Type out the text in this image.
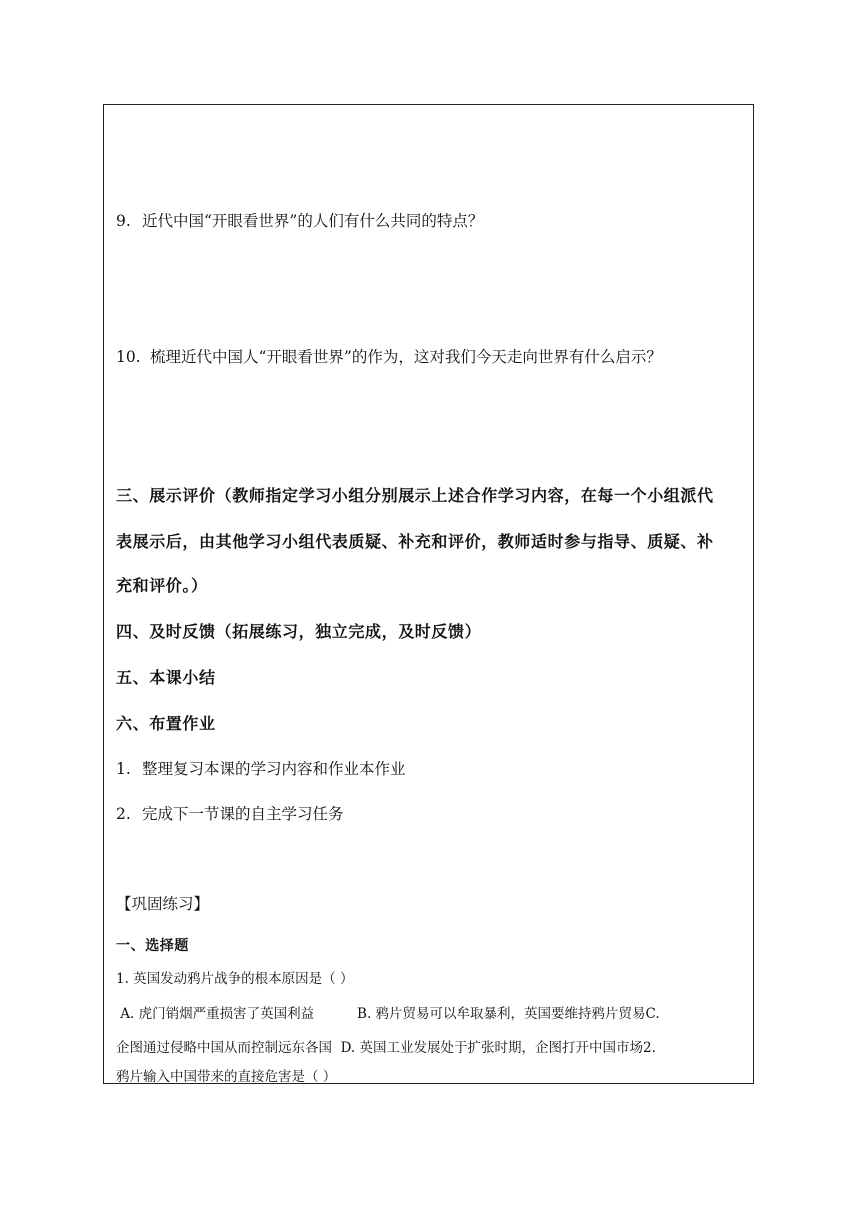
9. 近代中国“开眼看世界”的人们有什么共同的特点？
10. 梳理近代中国人“开眼看世界”的作为，这对我们今天走向世界有什么启示？
三、展示评价（教师指定学习小组分别展示上述合作学习内容，在每一个小组派代
表展示后，由其他学习小组代表质疑、补充和评价，教师适时参与指导、质疑、补
充和评价。）
四、及时反馈（拓展练习，独立完成，及时反馈）
五、本课小结
六、布置作业
1. 整理复习本课的学习内容和作业本作业
2. 完成下一节课的自主学习任务
【巩固练习】
一、选择题
1. 英国发动鸦片战争的根本原因是（ ）
A. 虎门销烟严重损害了英国利益          B. 鸦片贸易可以牟取暴利，英国要维持鸦片贸易C.
企图通过侵略中国从而控制远东各国  D. 英国工业发展处于扩张时期，企图打开中国市场2.
鸦片输入中国带来的直接危害是（ ）
